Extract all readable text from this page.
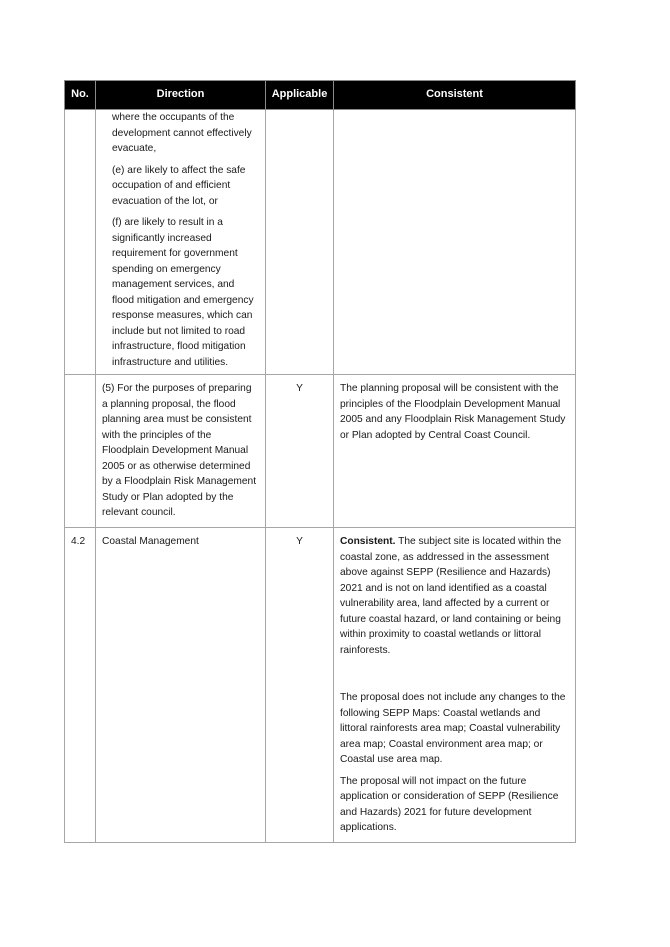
No.	Direction	Applicable	Consistent

	where the occupants of the development cannot effectively evacuate,

(e) are likely to affect the safe occupation of and efficient evacuation of the lot, or

(f) are likely to result in a significantly increased requirement for government spending on emergency management services, and flood mitigation and emergency response measures, which can include but not limited to road infrastructure, flood mitigation infrastructure and utilities.		

	(5) For the purposes of preparing a planning proposal, the flood planning area must be consistent with the principles of the Floodplain Development Manual 2005 or as otherwise determined by a Floodplain Risk Management Study or Plan adopted by the relevant council.	Y	The planning proposal will be consistent with the principles of the Floodplain Development Manual 2005 and any Floodplain Risk Management Study or Plan adopted by Central Coast Council.

4.2	Coastal Management	Y	Consistent. The subject site is located within the coastal zone, as addressed in the assessment above against SEPP (Resilience and Hazards) 2021 and is not on land identified as a coastal vulnerability area, land affected by a current or future coastal hazard, or land containing or being within proximity to coastal wetlands or littoral rainforests.

The proposal does not include any changes to the following SEPP Maps: Coastal wetlands and littoral rainforests area map; Coastal vulnerability area map; Coastal environment area map; or Coastal use area map.

The proposal will not impact on the future application or consideration of SEPP (Resilience and Hazards) 2021 for future development applications.
